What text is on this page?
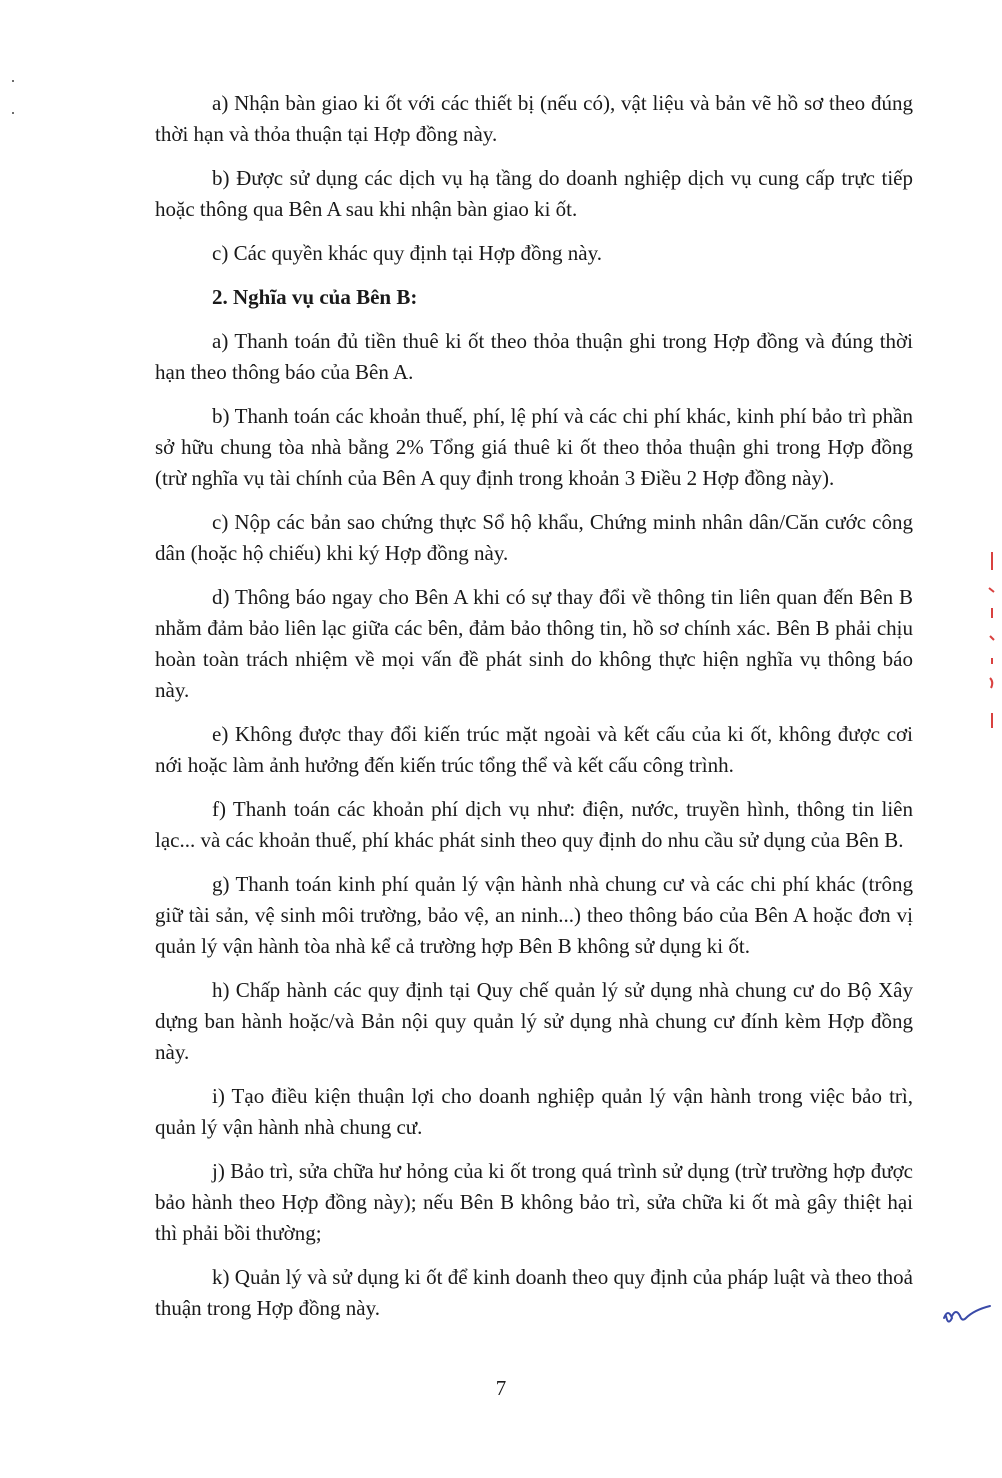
a) Nhận bàn giao ki ốt với các thiết bị (nếu có), vật liệu và bản vẽ hồ sơ theo đúng thời hạn và thỏa thuận tại Hợp đồng này.

b) Được sử dụng các dịch vụ hạ tầng do doanh nghiệp dịch vụ cung cấp trực tiếp hoặc thông qua Bên A sau khi nhận bàn giao ki ốt.

c) Các quyền khác quy định tại Hợp đồng này.

2. Nghĩa vụ của Bên B:

a) Thanh toán đủ tiền thuê ki ốt theo thỏa thuận ghi trong Hợp đồng và đúng thời hạn theo thông báo của Bên A.

b) Thanh toán các khoản thuế, phí, lệ phí và các chi phí khác, kinh phí bảo trì phần sở hữu chung tòa nhà bằng 2% Tổng giá thuê ki ốt theo thỏa thuận ghi trong Hợp đồng (trừ nghĩa vụ tài chính của Bên A quy định trong khoản 3 Điều 2 Hợp đồng này).

c) Nộp các bản sao chứng thực Sổ hộ khẩu, Chứng minh nhân dân/Căn cước công dân (hoặc hộ chiếu) khi ký Hợp đồng này.

d) Thông báo ngay cho Bên A khi có sự thay đổi về thông tin liên quan đến Bên B nhằm đảm bảo liên lạc giữa các bên, đảm bảo thông tin, hồ sơ chính xác. Bên B phải chịu hoàn toàn trách nhiệm về mọi vấn đề phát sinh do không thực hiện nghĩa vụ thông báo này.

e) Không được thay đổi kiến trúc mặt ngoài và kết cấu của ki ốt, không được cơi nới hoặc làm ảnh hưởng đến kiến trúc tổng thể và kết cấu công trình.

f) Thanh toán các khoản phí dịch vụ như: điện, nước, truyền hình, thông tin liên lạc... và các khoản thuế, phí khác phát sinh theo quy định do nhu cầu sử dụng của Bên B.

g) Thanh toán kinh phí quản lý vận hành nhà chung cư và các chi phí khác (trông giữ tài sản, vệ sinh môi trường, bảo vệ, an ninh...) theo thông báo của Bên A hoặc đơn vị quản lý vận hành tòa nhà kể cả trường hợp Bên B không sử dụng ki ốt.

h) Chấp hành các quy định tại Quy chế quản lý sử dụng nhà chung cư do Bộ Xây dựng ban hành hoặc/và Bản nội quy quản lý sử dụng nhà chung cư đính kèm Hợp đồng này.

i) Tạo điều kiện thuận lợi cho doanh nghiệp quản lý vận hành trong việc bảo trì, quản lý vận hành nhà chung cư.

j) Bảo trì, sửa chữa hư hỏng của ki ốt trong quá trình sử dụng (trừ trường hợp được bảo hành theo Hợp đồng này); nếu Bên B không bảo trì, sửa chữa ki ốt mà gây thiệt hại thì phải bồi thường;

k) Quản lý và sử dụng ki ốt để kinh doanh theo quy định của pháp luật và theo thoả thuận trong Hợp đồng này.

7
